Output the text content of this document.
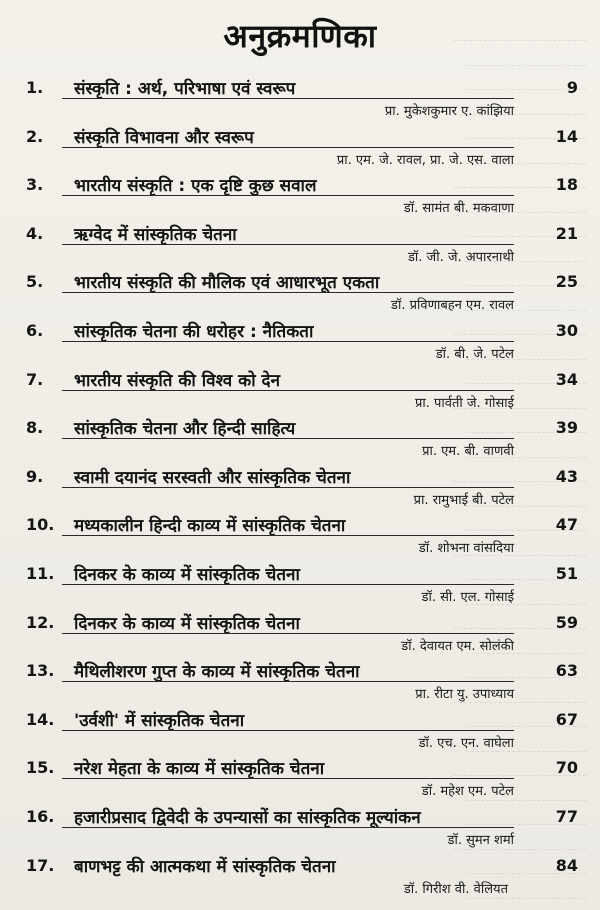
अनुक्रमणिका
1. संस्कृति : अर्थ, परिभाषा एवं स्वरूप	9
प्रा. मुकेशकुमार ए. कांझिया
2. संस्कृति विभावना और स्वरूप	14
प्रा. एम. जे. रावल, प्रा. जे. एस. वाला
3. भारतीय संस्कृति : एक दृष्टि कुछ सवाल	18
डॉ. सामंत बी. मकवाणा
4. ऋग्वेद में सांस्कृतिक चेतना	21
डॉ. जी. जे. अपारनाथी
5. भारतीय संस्कृति की मौलिक एवं आधारभूत एकता	25
डॉ. प्रविणाबहन एम. रावल
6. सांस्कृतिक चेतना की धरोहर : नैतिकता	30
डॉ. बी. जे. पटेल
7. भारतीय संस्कृति की विश्व को देन	34
प्रा. पार्वती जे. गोसाई
8. सांस्कृतिक चेतना और हिन्दी साहित्य	39
प्रा. एम. बी. वाणवी
9. स्वामी दयानंद सरस्वती और सांस्कृतिक चेतना	43
प्रा. रामुभाई बी. पटेल
10. मध्यकालीन हिन्दी काव्य में सांस्कृतिक चेतना	47
डॉ. शोभना वांसदिया
11. दिनकर के काव्य में सांस्कृतिक चेतना	51
डॉ. सी. एल. गोसाई
12. दिनकर के काव्य में सांस्कृतिक चेतना	59
डॉ. देवायत एम. सोलंकी
13. मैथिलीशरण गुप्त के काव्य में सांस्कृतिक चेतना	63
प्रा. रीटा यु. उपाध्याय
14. 'उर्वशी' में सांस्कृतिक चेतना	67
डॉ. एच. एन. वाघेला
15. नरेश मेहता के काव्य में सांस्कृतिक चेतना	70
डॉ. महेश एम. पटेल
16. हजारीप्रसाद द्विवेदी के उपन्यासों का सांस्कृतिक मूल्यांकन	77
डॉ. सुमन शर्मा
17. बाणभट्ट की आत्मकथा में सांस्कृतिक चेतना	84
डॉ. गिरीश वी. वेलियत
